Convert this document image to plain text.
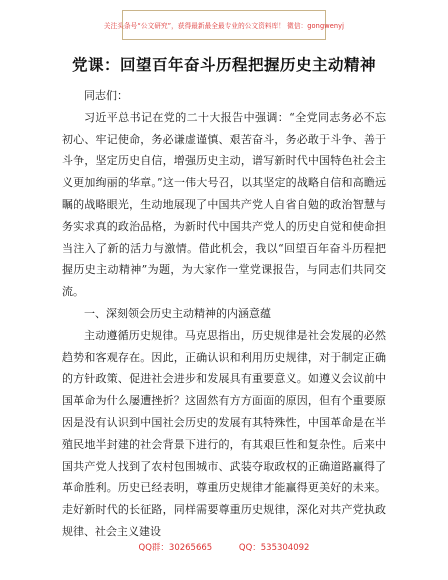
关注头条号“公文研究”，获得最新最全最专业的公文资料库！ 微信：gongwenyj
党课：回望百年奋斗历程把握历史主动精神

同志们：

习近平总书记在党的二十大报告中强调：“全党同志务必不忘初心、牢记使命，务必谦虚谨慎、艰苦奋斗，务必敢于斗争、善于斗争，坚定历史自信，增强历史主动，谱写新时代中国特色社会主义更加绚丽的华章。”这一伟大号召，以其坚定的战略自信和高瞻远瞩的战略眼光，生动地展现了中国共产党人自省自勉的政治智慧与务实求真的政治品格，为新时代中国共产党人的历史自觉和使命担当注入了新的活力与激情。借此机会，我以“回望百年奋斗历程把握历史主动精神”为题，为大家作一堂党课报告，与同志们共同交流。

一、深刻领会历史主动精神的内涵意蕴

主动遵循历史规律。马克思指出，历史规律是社会发展的必然趋势和客观存在。因此，正确认识和利用历史规律，对于制定正确的方针政策、促进社会进步和发展具有重要意义。如遵义会议前中国革命为什么屡遭挫折？这固然有方方面面的原因，但有个重要原因是没有认识到中国社会历史的发展有其特殊性，中国革命是在半殖民地半封建的社会背景下进行的，有其艰巨性和复杂性。后来中国共产党人找到了农村包围城市、武装夺取政权的正确道路赢得了革命胜利。历史已经表明，尊重历史规律才能赢得更美好的未来。走好新时代的长征路，同样需要尊重历史规律，深化对共产党执政规律、社会主义建设

QQ群：30265665	QQ：535304092
